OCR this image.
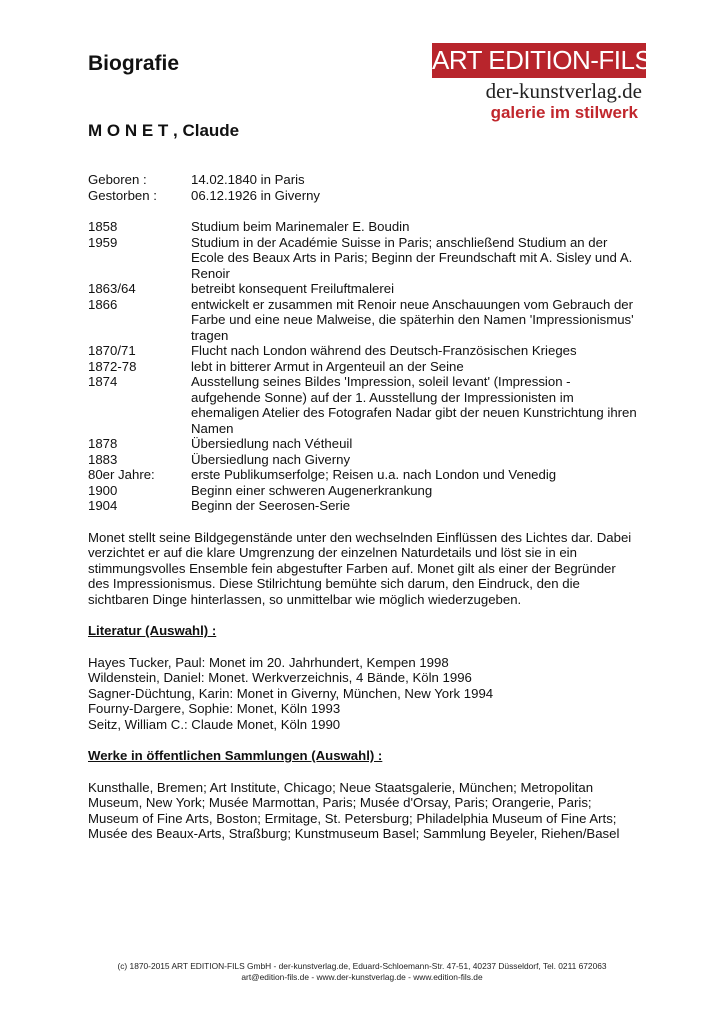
Biografie	ART EDITION-FILS
der-kunstverlag.de
galerie im stilwerk
M O N E T , Claude
Geboren :	14.02.1840 in Paris
Gestorben :	06.12.1926 in Giverny
1858	Studium beim Marinemaler E. Boudin
1959	Studium in der Académie Suisse in Paris; anschließend Studium an der Ecole des Beaux Arts in Paris; Beginn der Freundschaft mit A. Sisley und A. Renoir
1863/64	betreibt konsequent Freiluftmalerei
1866	entwickelt er zusammen mit Renoir neue Anschauungen vom Gebrauch der Farbe und eine neue Malweise, die späterhin den Namen 'Impressionismus' tragen
1870/71	Flucht nach London während des Deutsch-Französischen Krieges
1872-78	lebt in bitterer Armut in Argenteuil an der Seine
1874	Ausstellung seines Bildes 'Impression, soleil levant' (Impression - aufgehende Sonne) auf der 1. Ausstellung der Impressionisten im ehemaligen Atelier des Fotografen Nadar gibt der neuen Kunstrichtung ihren Namen
1878	Übersiedlung nach Vétheuil
1883	Übersiedlung nach Giverny
80er Jahre:	erste Publikumserfolge; Reisen u.a. nach London und Venedig
1900	Beginn einer schweren Augenerkrankung
1904	Beginn der Seerosen-Serie

Monet stellt seine Bildgegenstände unter den wechselnden Einflüssen des Lichtes dar. Dabei verzichtet er auf die klare Umgrenzung der einzelnen Naturdetails und löst sie in ein stimmungsvolles Ensemble fein abgestufter Farben auf. Monet gilt als einer der Begründer des Impressionismus. Diese Stilrichtung bemühte sich darum, den Eindruck, den die sichtbaren Dinge hinterlassen, so unmittelbar wie möglich wiederzugeben.

Literatur (Auswahl) :
Hayes Tucker, Paul: Monet im 20. Jahrhundert, Kempen 1998
Wildenstein, Daniel: Monet. Werkverzeichnis, 4 Bände, Köln 1996
Sagner-Düchtung, Karin: Monet in Giverny, München, New York 1994
Fourny-Dargere, Sophie: Monet, Köln 1993
Seitz, William C.: Claude Monet, Köln 1990
Werke in öffentlichen Sammlungen (Auswahl) :

Kunsthalle, Bremen; Art Institute, Chicago; Neue Staatsgalerie, München; Metropolitan Museum, New York; Musée Marmottan, Paris; Musée d'Orsay, Paris; Orangerie, Paris; Museum of Fine Arts, Boston; Ermitage, St. Petersburg; Philadelphia Museum of Fine Arts; Musée des Beaux-Arts, Straßburg; Kunstmuseum Basel; Sammlung Beyeler, Riehen/Basel

(c) 1870-2015 ART EDITION-FILS GmbH - der-kunstverlag.de, Eduard-Schloemann-Str. 47-51, 40237 Düsseldorf, Tel. 0211 672063
art@edition-fils.de - www.der-kunstverlag.de - www.edition-fils.de
